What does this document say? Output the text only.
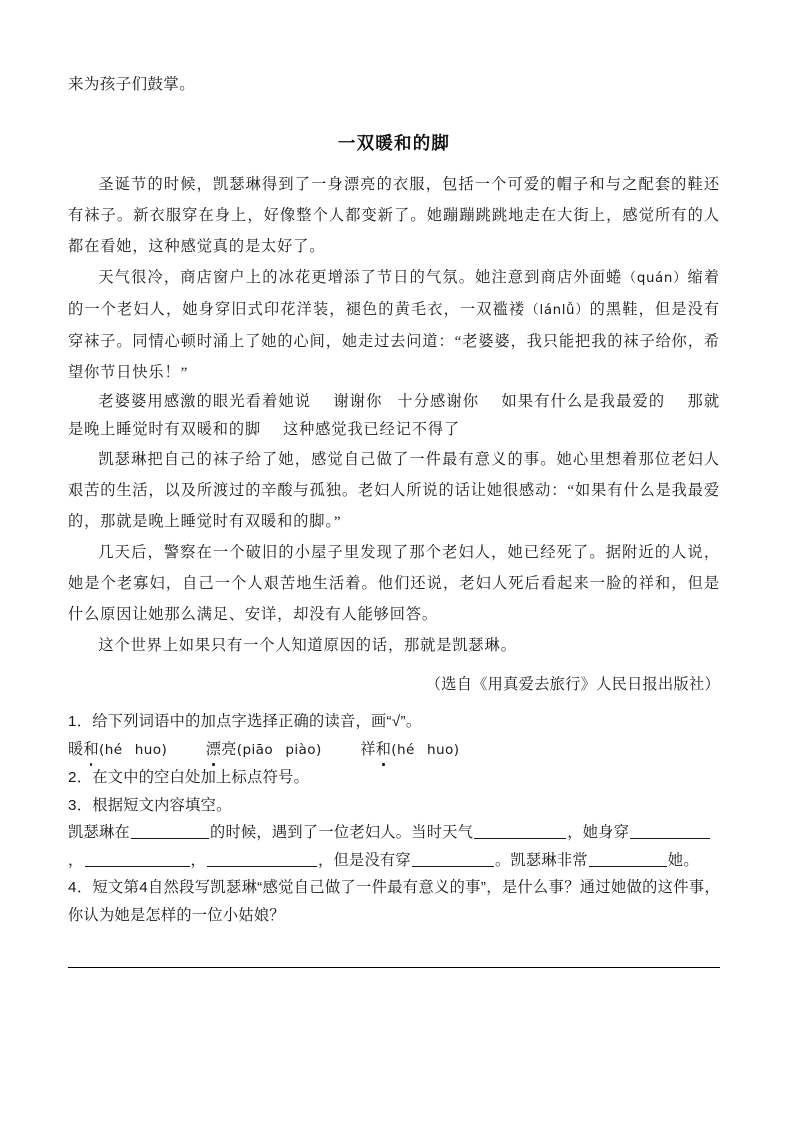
来为孩子们鼓掌。
一双暖和的脚

圣诞节的时候，凯瑟琳得到了一身漂亮的衣服，包括一个可爱的帽子和与之配套的鞋还有袜子。新衣服穿在身上，好像整个人都变新了。她蹦蹦跳跳地走在大街上，感觉所有的人都在看她，这种感觉真的是太好了。

天气很冷，商店窗户上的冰花更增添了节日的气氛。她注意到商店外面蜷（quán）缩着的一个老妇人，她身穿旧式印花洋装，褪色的黄毛衣，一双褴褛（lánlǚ）的黑鞋，但是没有穿袜子。同情心顿时涌上了她的心间，她走过去问道：“老婆婆，我只能把我的袜子给你，希望你节日快乐！”

老婆婆用感激的眼光看着她说 谢谢你 十分感谢你 如果有什么是我最爱的 那就是晚上睡觉时有双暖和的脚 这种感觉我已经记不得了

凯瑟琳把自己的袜子给了她，感觉自己做了一件最有意义的事。她心里想着那位老妇人艰苦的生活，以及所渡过的辛酸与孤独。老妇人所说的话让她很感动：“如果有什么是我最爱的，那就是晚上睡觉时有双暖和的脚。”

几天后，警察在一个破旧的小屋子里发现了那个老妇人，她已经死了。据附近的人说，她是个老寡妇，自己一个人艰苦地生活着。他们还说，老妇人死后看起来一脸的祥和，但是什么原因让她那么满足、安详，却没有人能够回答。

这个世界上如果只有一个人知道原因的话，那就是凯瑟琳。

（选自《用真爱去旅行》人民日报出版社）

1．给下列词语中的加点字选择正确的读音，画“√”。

暖和(hé huo)	漂亮(piāo piào)	祥和(hé huo)

2．在文中的空白处加上标点符号。

3．根据短文内容填空。

凯瑟琳在	的时候，遇到了一位老妇人。当时天气	，她身穿，	，	，但是没有穿	。凯瑟琳非常	她。

4．短文第4自然段写凯瑟琳“感觉自己做了一件最有意义的事”，是什么事？通过她做的这件事，你认为她是怎样的一位小姑娘？
